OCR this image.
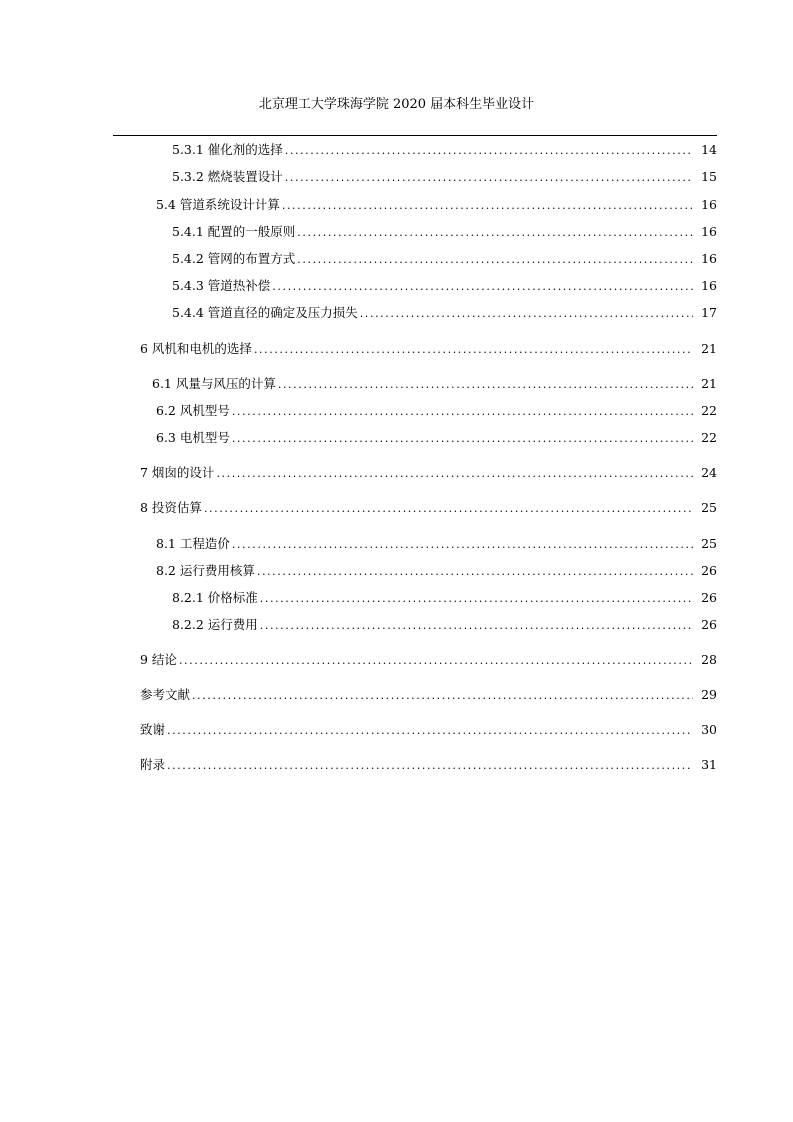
北京理工大学珠海学院 2020 届本科生毕业设计
5.3.1 催化剂的选择 .....	14
5.3.2 燃烧装置设计 .....	15
5.4 管道系统设计计算 .....	16
5.4.1 配置的一般原则 .....	16
5.4.2 管网的布置方式 .....	16
5.4.3 管道热补偿 .....	16
5.4.4 管道直径的确定及压力损失 .....	17
6 风机和电机的选择 .....	21
6.1 风量与风压的计算 .....	21
6.2 风机型号 .....	22
6.3 电机型号 .....	22
7 烟囱的设计 .....	24
8 投资估算 .....	25
8.1 工程造价 .....	25
8.2 运行费用核算 .....	26
8.2.1 价格标准 .....	26
8.2.2 运行费用 .....	26
9 结论 .....	28
参考文献 .....	29
致谢 .....	30
附录 .....	31
